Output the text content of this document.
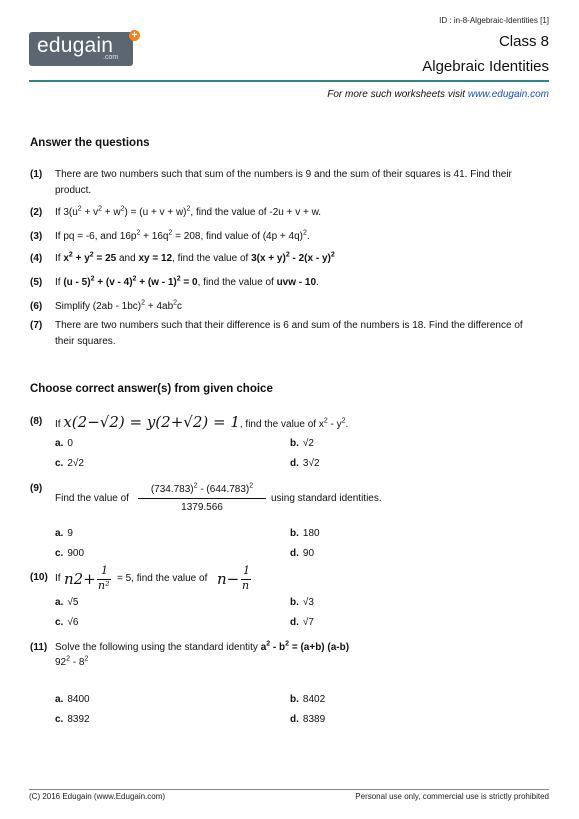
edugain
.com
+
ID : in-8-Algebraic-Identities [1]
Class 8
Algebraic Identities
For more such worksheets visit www.edugain.com
Answer the questions
(1) There are two numbers such that sum of the numbers is 9 and the sum of their squares is 41. Find their product.
(2) If $3(u^2 + v^2 + w^2) = (u + v + w)^2$, find the value of -2u + v + w.
(3) If pq = -6, and $16p^2 + 16q^2 = 208$, find value of $(4p + 4q)^2$.
(4) If $x^2 + y^2 = 25$ and xy = 12, find the value of $3(x + y)^2 - 2(x - y)^2$
(5) If (u - 5)$^2$ + (v - 4)$^2$ + (w - 1)$^2$ = 0, find the value of uvw - 10.
(6) Simplify $(2ab - 1bc)^2 + 4ab^2c$
(7) There are two numbers such that their difference is 6 and sum of the numbers is 18. Find the difference of their squares.
Choose correct answer(s) from given choice
(8) If x(2−√2) = y(2+√2) = 1, find the value of $x^2 - y^2$.
a. 0	b. √2
c. 2√2	d. 3√2
(9)
Find the value of
$(734.783)^2 - (644.783)^2$
1379.566
using standard identities.
a. 9	b. 180
c. 900	d. 90
(10) If n2+ 1
n²
= 5, find the value of n− 1
n
a. √5	b. √3
c. √6	d. √7
(11) Solve the following using the standard identity $a^2 - b^2 = (a+b)$ (a-b)
$92^2 - 8^2$
a. 8400	b. 8402
c. 8392	d. 8389
(C) 2016 Edugain (www.Edugain.com)	Personal use only, commercial use is strictly prohibited
